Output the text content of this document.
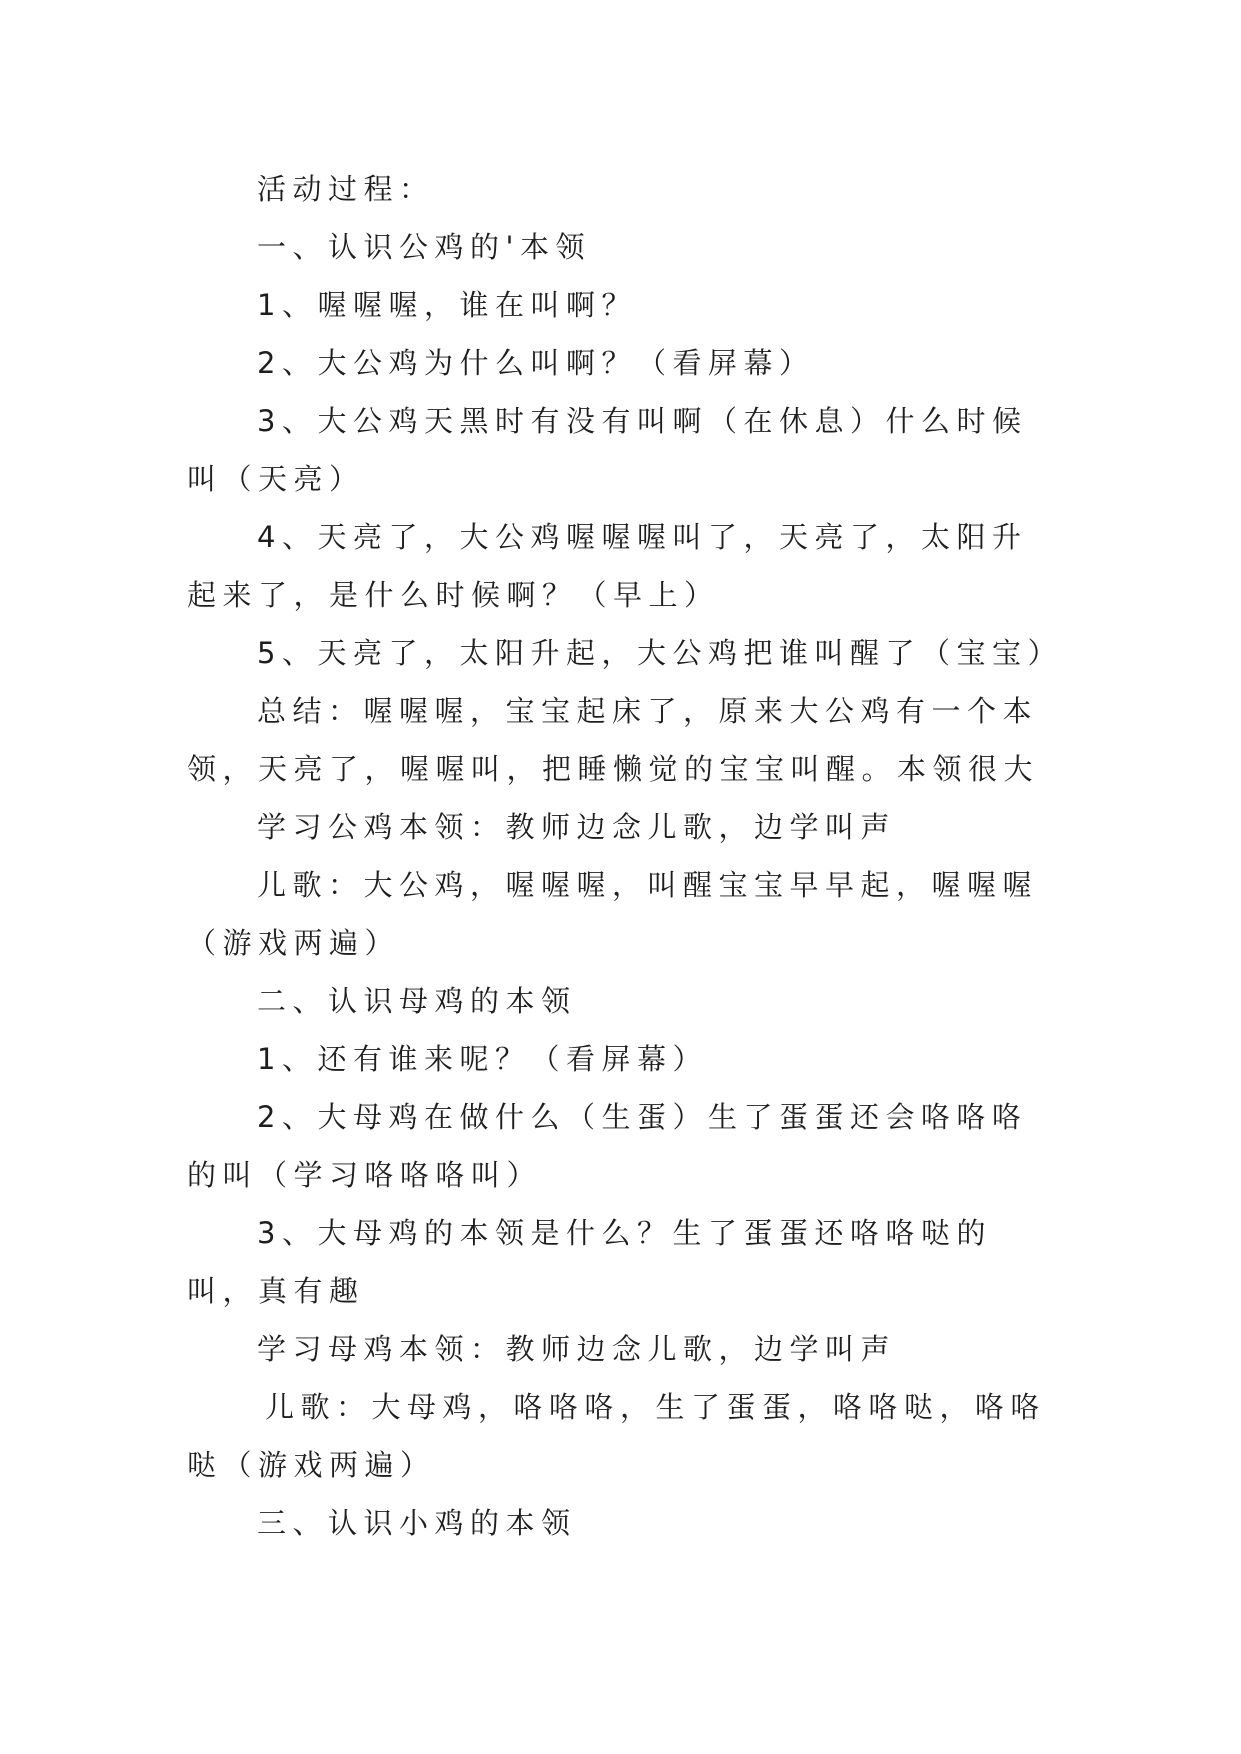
活动过程：

一、认识公鸡的'本领

1、喔喔喔，谁在叫啊？

2、大公鸡为什么叫啊？（看屏幕）

3、大公鸡天黑时有没有叫啊（在休息）什么时候叫（天亮）

4、天亮了，大公鸡喔喔喔叫了，天亮了，太阳升起来了，是什么时候啊？（早上）

5、天亮了，太阳升起，大公鸡把谁叫醒了（宝宝）

总结：喔喔喔，宝宝起床了，原来大公鸡有一个本领，天亮了，喔喔叫，把睡懒觉的宝宝叫醒。本领很大

学习公鸡本领：教师边念儿歌，边学叫声

儿歌：大公鸡，喔喔喔，叫醒宝宝早早起，喔喔喔（游戏两遍）

二、认识母鸡的本领

1、还有谁来呢？（看屏幕）

2、大母鸡在做什么（生蛋）生了蛋蛋还会咯咯咯的叫（学习咯咯咯叫）

3、大母鸡的本领是什么？生了蛋蛋还咯咯哒的叫，真有趣

学习母鸡本领：教师边念儿歌，边学叫声

儿歌：大母鸡，咯咯咯，生了蛋蛋，咯咯哒，咯咯哒（游戏两遍）

三、认识小鸡的本领
